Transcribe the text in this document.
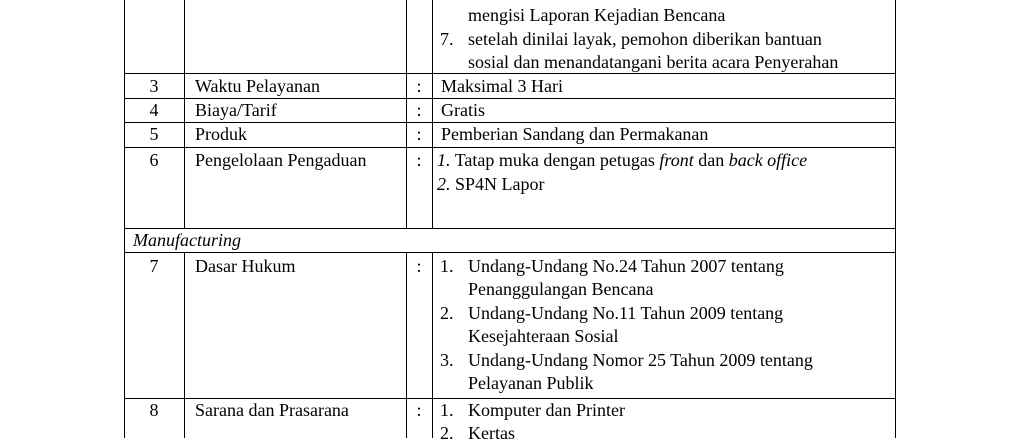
mengisi Laporan Kejadian Bencana
7. setelah dinilai layak, pemohon diberikan bantuan
sosial dan menandatangani berita acara Penyerahan
3	Waktu Pelayanan	:	Maksimal 3 Hari
4	Biaya/Tarif	:	Gratis
5	Produk	:	Pemberian Sandang dan Permakanan
6	Pengelolaan Pengaduan	: 1. Tatap muka dengan petugas front dan back office
2. SP4N Lapor
Manufacturing
7	Dasar Hukum	:	1. Undang-Undang No.24 Tahun 2007 tentang
Penanggulangan Bencana
2. Undang-Undang No.11 Tahun 2009 tentang
Kesejahteraan Sosial
3. Undang-Undang Nomor 25 Tahun 2009 tentang
Pelayanan Publik
8	Sarana dan Prasarana	:	1. Komputer dan Printer
2. Kertas
